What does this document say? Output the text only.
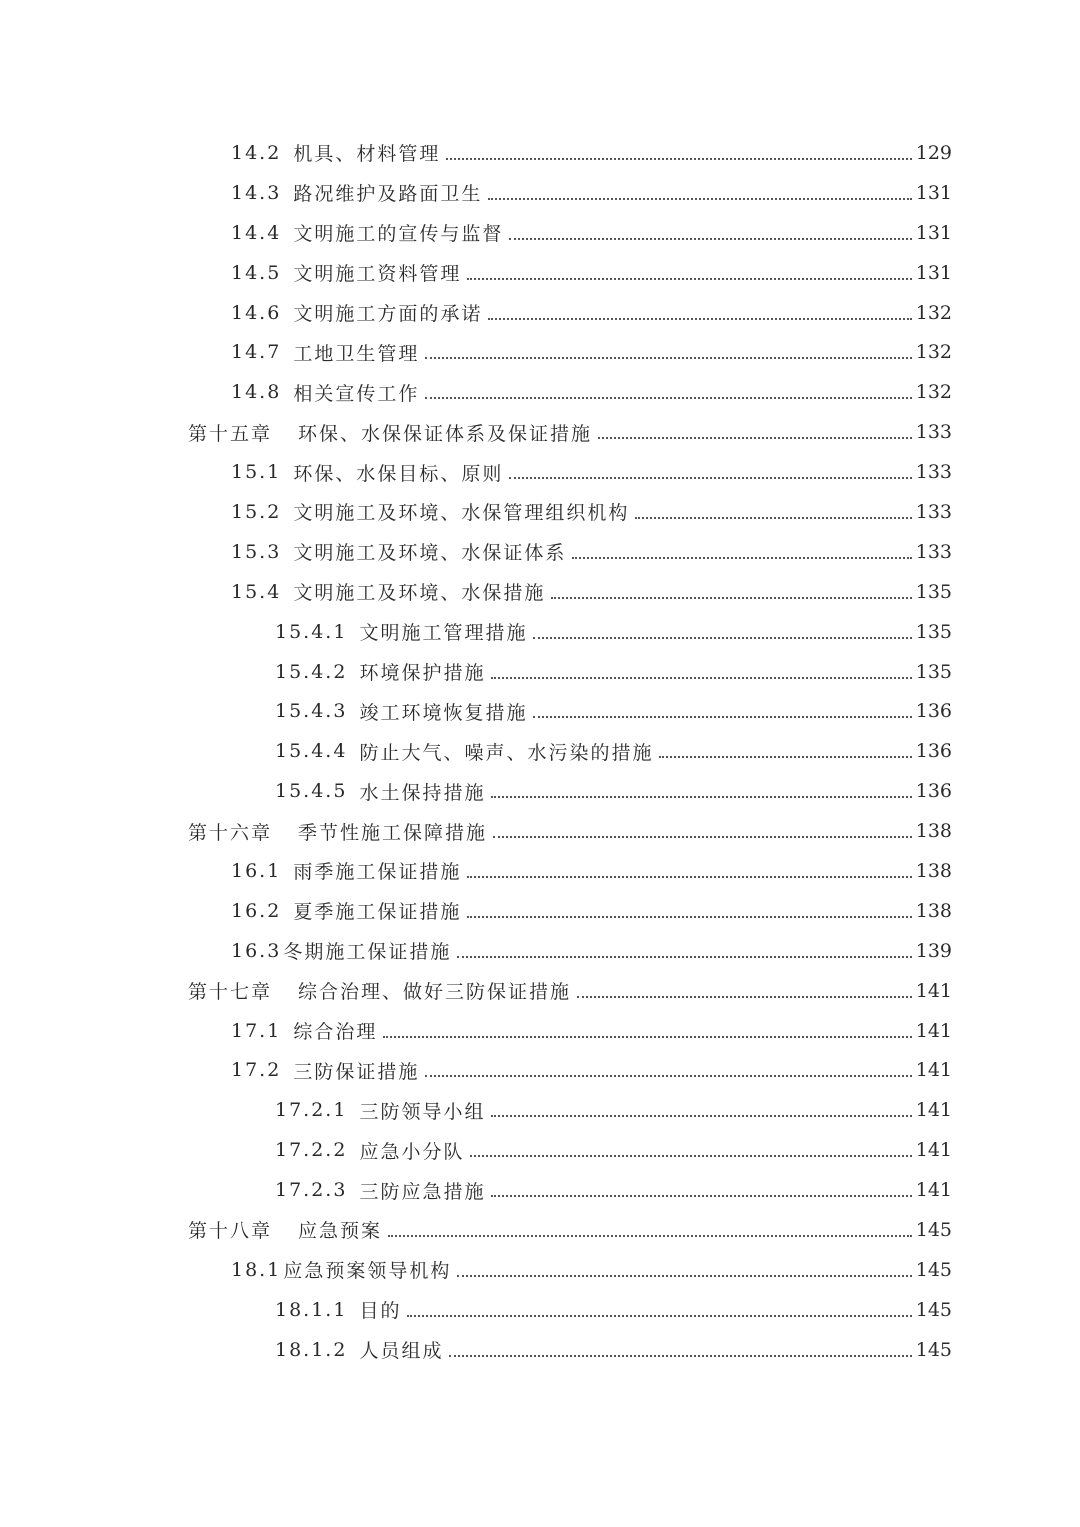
14.2 机具、材料管理	129
14.3 路况维护及路面卫生	131
14.4 文明施工的宣传与监督	131
14.5 文明施工资料管理	131
14.6 文明施工方面的承诺	132
14.7 工地卫生管理	132
14.8 相关宣传工作	132
第十五章 环保、水保保证体系及保证措施	133
15.1 环保、水保目标、原则	133
15.2 文明施工及环境、水保管理组织机构	133
15.3 文明施工及环境、水保证体系	133
15.4 文明施工及环境、水保措施	135
15.4.1 文明施工管理措施	135
15.4.2 环境保护措施	135
15.4.3 竣工环境恢复措施	136
15.4.4 防止大气、噪声、水污染的措施	136
15.4.5 水土保持措施	136
第十六章 季节性施工保障措施	138
16.1 雨季施工保证措施	138
16.2 夏季施工保证措施	138
16.3 冬期施工保证措施	139
第十七章 综合治理、做好三防保证措施	141
17.1 综合治理	141
17.2 三防保证措施	141
17.2.1 三防领导小组	141
17.2.2 应急小分队	141
17.2.3 三防应急措施	141
第十八章 应急预案	145
18.1 应急预案领导机构	145
18.1.1 目的	145
18.1.2 人员组成	145
